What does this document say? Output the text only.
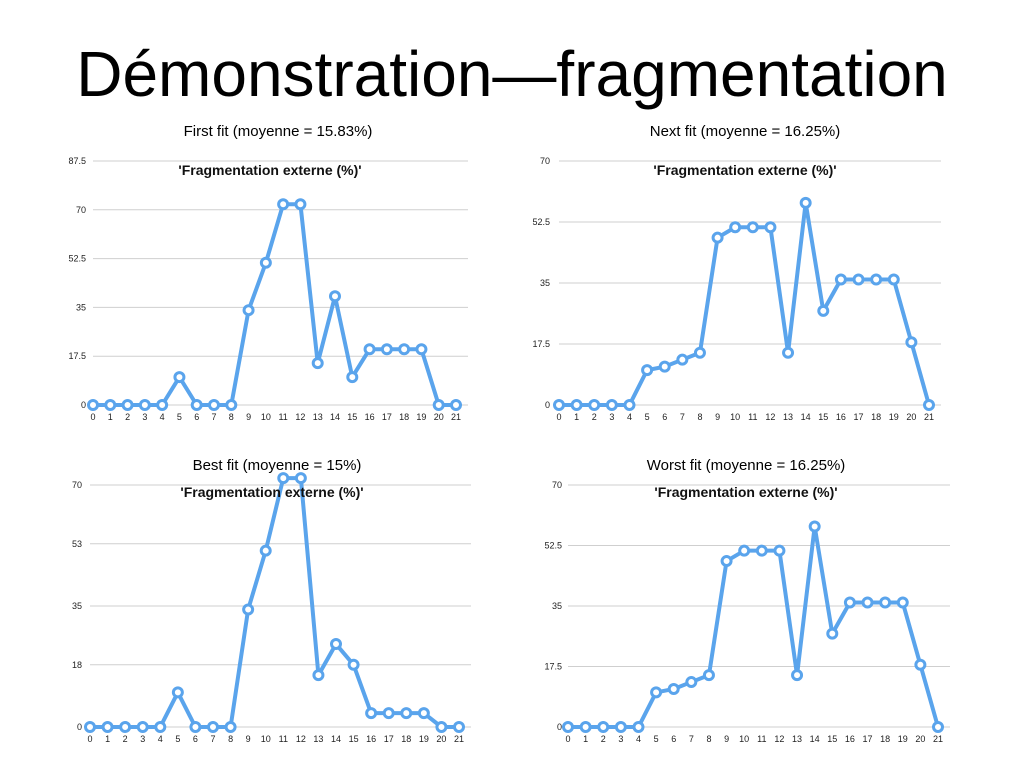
Démonstration—fragmentation
0
17.5
35
52.5
70
87.5
First fit (moyenne = 15.83%)
0 1 2 3 4 5 6 7 8 9 10 11 12 13 14 15 16 17 18 19 20 21
'Fragmentation externe (%)'
0
17.5
35
52.5
70
Next fit (moyenne = 16.25%)
0 1 2 3 4 5 6 7 8 9 10 11 12 13 14 15 16 17 18 19 20 21
'Fragmentation externe (%)'
0
18
35
53
70
Best fit (moyenne = 15%)
0 1 2 3 4 5 6 7 8 9 10 11 12 13 14 15 16 17 18 19 20 21
'Fragmentation externe (%)'
0
17.5
35
52.5
70
Worst fit (moyenne = 16.25%)
0 1 2 3 4 5 6 7 8 9 10 11 12 13 14 15 16 17 18 19 20 21
'Fragmentation externe (%)'
